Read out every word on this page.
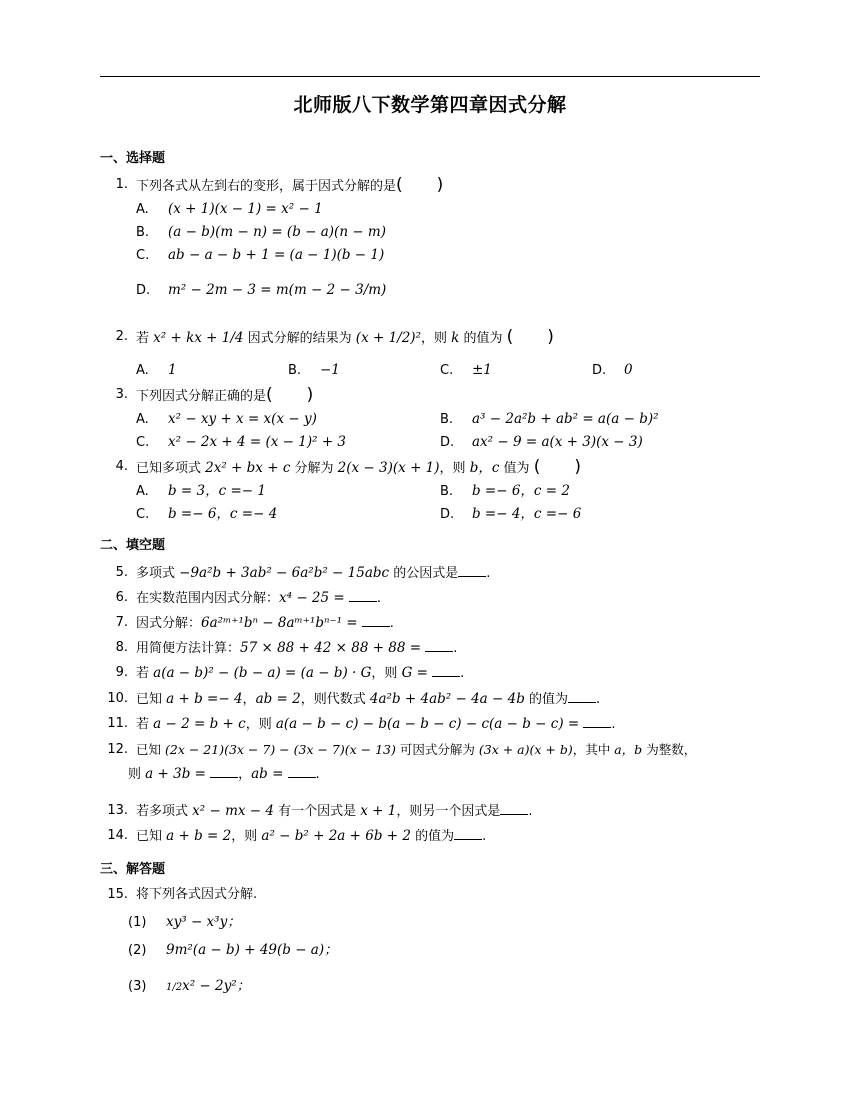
北师版八下数学第四章因式分解
一、选择题
1. 下列各式从左到右的变形，属于因式分解的是(　　)
A. (x + 1)(x − 1) = x² − 1
B. (a − b)(m − n) = (b − a)(n − m)
C. ab − a − b + 1 = (a − 1)(b − 1)
D. m² − 2m − 3 = m(m − 2 − 3/m)
2. 若 x² + kx + 1/4 因式分解的结果为 (x + 1/2)²，则 k 的值为 (　　)
A. 1	B. −1	C. ±1	D. 0
3. 下列因式分解正确的是(　　)
A. x² − xy + x = x(x − y)	B. a³ − 2a²b + ab² = a(a − b)²
C. x² − 2x + 4 = (x − 1)² + 3	D. ax² − 9 = a(x + 3)(x − 3)
4. 已知多项式 2x² + bx + c 分解为 2(x − 3)(x + 1)，则 b，c 值为 (　　)
A. b = 3，c =− 1	B. b =− 6，c = 2
C. b =− 6，c =− 4	D. b =− 4，c =− 6
二、填空题
5. 多项式 −9a²b + 3ab² − 6a²b² − 15abc 的公因式是 .
6. 在实数范围内因式分解：x⁴ − 25 = .
7. 因式分解：6a²ᵐ⁺¹bⁿ − 8aᵐ⁺¹bⁿ⁻¹ = .
8. 用简便方法计算：57 × 88 + 42 × 88 + 88 = .
9. 若 a(a − b)² − (b − a) = (a − b) · G，则 G = .
10. 已知 a + b =− 4，ab = 2，则代数式 4a²b + 4ab² − 4a − 4b 的值为 .
11. 若 a − 2 = b + c，则 a(a − b − c) − b(a − b − c) − c(a − b − c) = .
12. 已知 (2x − 21)(3x − 7) − (3x − 7)(x − 13) 可因式分解为 (3x + a)(x + b)，其中 a，b 为整数，
则 a + 3b = ，ab = .
13. 若多项式 x² − mx − 4 有一个因式是 x + 1，则另一个因式是 .
14. 已知 a + b = 2，则 a² − b² + 2a + 6b + 2 的值为 .
三、解答题
15. 将下列各式因式分解.
(1) xy³ − x³y；
(2) 9m²(a − b) + 49(b − a)；
(3) 1/2x² − 2y²；
